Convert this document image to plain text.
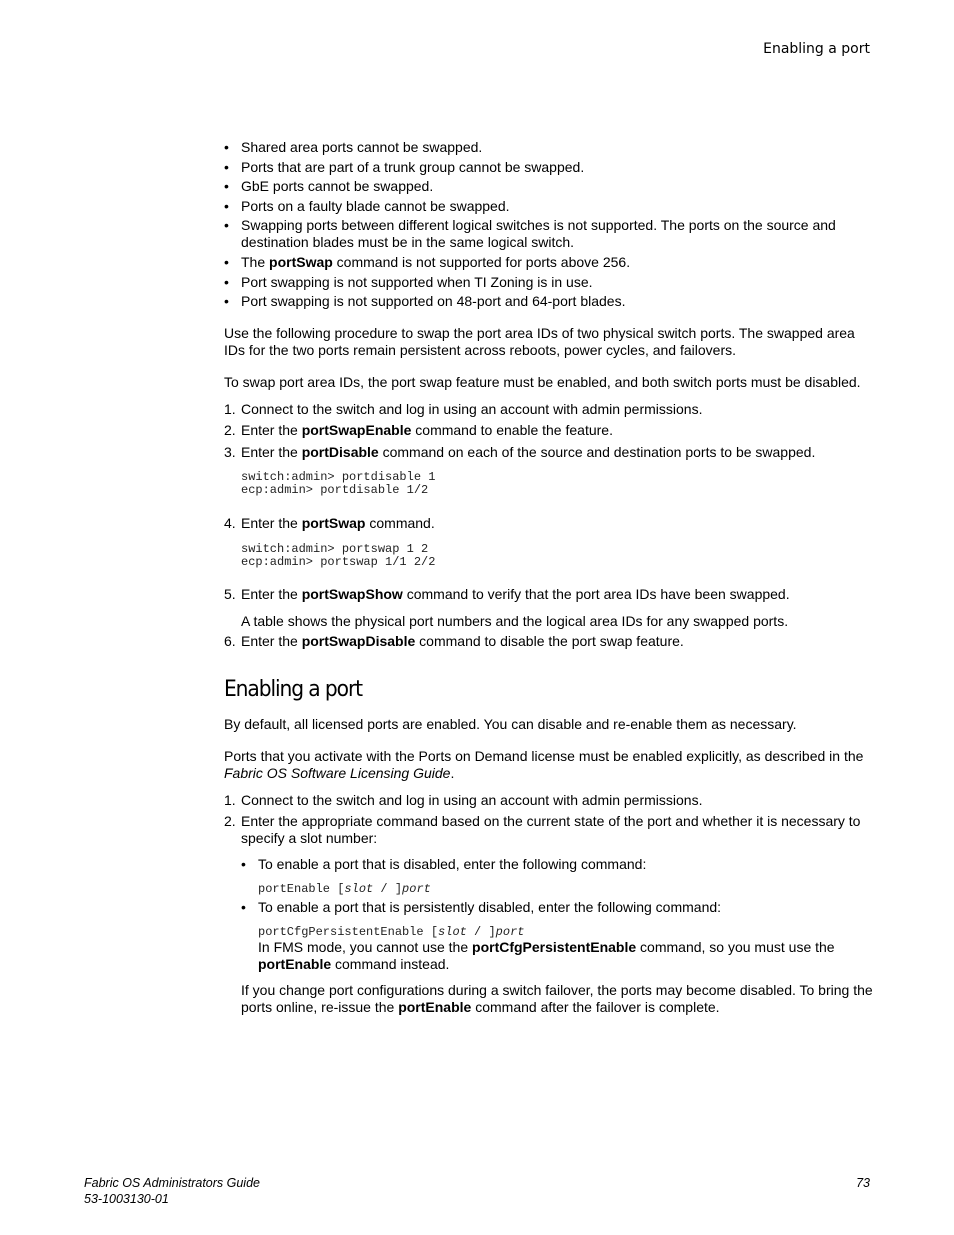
Enabling a port
• Shared area ports cannot be swapped.
• Ports that are part of a trunk group cannot be swapped.
• GbE ports cannot be swapped.
• Ports on a faulty blade cannot be swapped.
• Swapping ports between different logical switches is not supported. The ports on the source and destination blades must be in the same logical switch.
• The portSwap command is not supported for ports above 256.
• Port swapping is not supported when TI Zoning is in use.
• Port swapping is not supported on 48-port and 64-port blades.

Use the following procedure to swap the port area IDs of two physical switch ports. The swapped area IDs for the two ports remain persistent across reboots, power cycles, and failovers.

To swap port area IDs, the port swap feature must be enabled, and both switch ports must be disabled.

1. Connect to the switch and log in using an account with admin permissions.
2. Enter the portSwapEnable command to enable the feature.
3. Enter the portDisable command on each of the source and destination ports to be swapped.
switch:admin> portdisable 1
ecp:admin> portdisable 1/2
4. Enter the portSwap command.
switch:admin> portswap 1 2
ecp:admin> portswap 1/1 2/2
5. Enter the portSwapShow command to verify that the port area IDs have been swapped.

A table shows the physical port numbers and the logical area IDs for any swapped ports.

6. Enter the portSwapDisable command to disable the port swap feature.
Enabling a port

By default, all licensed ports are enabled. You can disable and re-enable them as necessary.

Ports that you activate with the Ports on Demand license must be enabled explicitly, as described in the Fabric OS Software Licensing Guide.

1. Connect to the switch and log in using an account with admin permissions.
2. Enter the appropriate command based on the current state of the port and whether it is necessary to specify a slot number:
• To enable a port that is disabled, enter the following command:
portEnable [slot / ]port
• To enable a port that is persistently disabled, enter the following command:
portCfgPersistentEnable [slot / ]port

In FMS mode, you cannot use the portCfgPersistentEnable command, so you must use the portEnable command instead.

If you change port configurations during a switch failover, the ports may become disabled. To bring the ports online, re-issue the portEnable command after the failover is complete.

Fabric OS Administrators Guide
53-1003130-01
73
